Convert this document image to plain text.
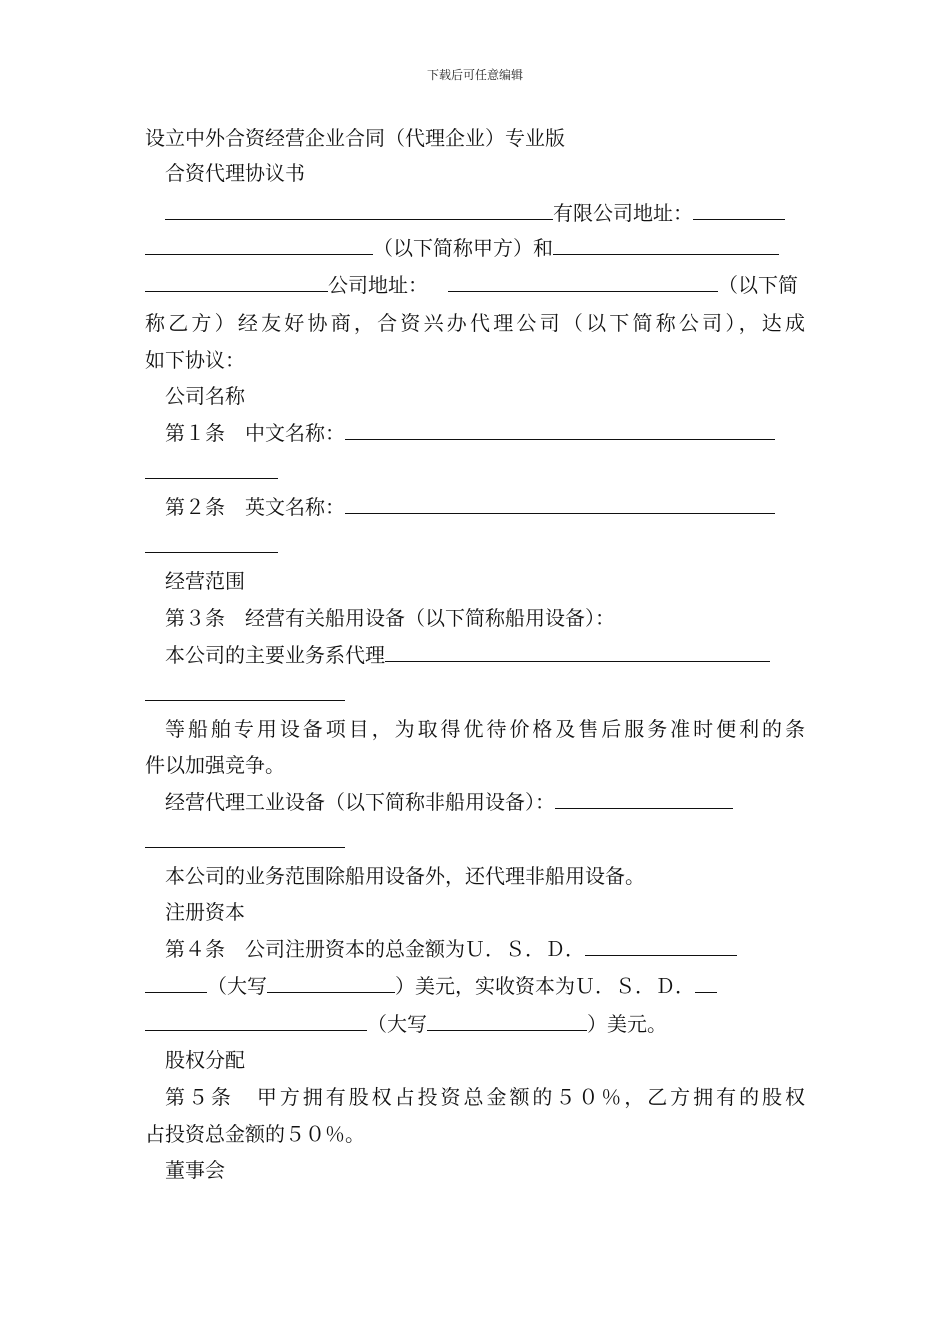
下载后可任意编辑

设立中外合资经营企业合同（代理企业）专业版

合资代理协议书

有限公司地址：

（以下简称甲方）和

公司地址：	（以下简

称乙方）经友好协商，合资兴办代理公司（以下简称公司），达成

如下协议：

公司名称

第１条 中文名称：

第２条 英文名称：

经营范围

第３条 经营有关船用设备（以下简称船用设备）：

本公司的主要业务系代理

等船舶专用设备项目，为取得优待价格及售后服务准时便利的条

件以加强竞争。

经营代理工业设备（以下简称非船用设备）：

本公司的业务范围除船用设备外，还代理非船用设备。

注册资本

第４条 公司注册资本的总金额为Ｕ．Ｓ．Ｄ．

（大写	）美元，实收资本为Ｕ．Ｓ．Ｄ．

（大写	）美元。

股权分配

第５条 甲方拥有股权占投资总金额的５０％，乙方拥有的股权

占投资总金额的５０％。

董事会
